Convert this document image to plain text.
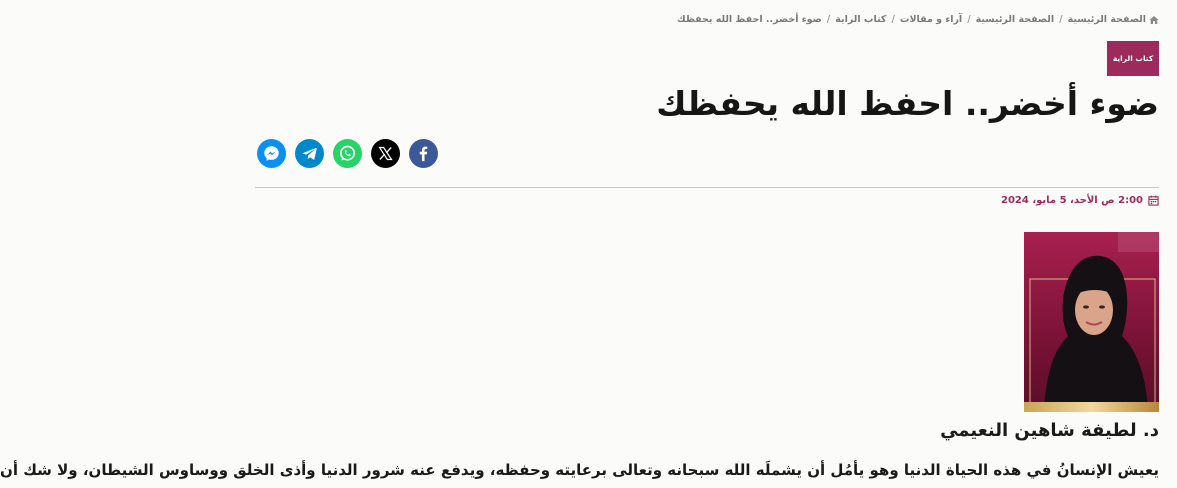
الصفحة الرئيسية
/
الصفحة الرئيسية
/
آراء و مقالات
/
كتاب الراية
/
ضوء أخضر.. احفظ الله يحفظك
كتاب الراية
ضوء أخضر.. احفظ الله يحفظك
2:00 ص الأحد، 5 مايو، 2024
د. لطيفة شاهين النعيمي

يعيش الإنسانُ في هذه الحياة الدنيا وهو يأمُل أن يشملَه الله سبحانه وتعالى برعايته وحفظه، ويدفع عنه شرور الدنيا وأذى الخلق ووساوس الشيطان، ولا شك أن
